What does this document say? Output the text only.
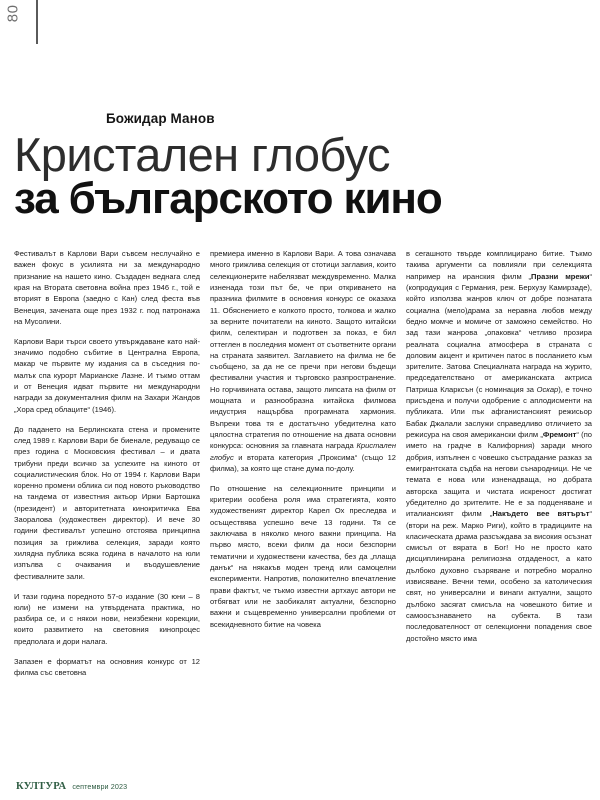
80
Божидар Манов
Кристален глобус
за българското кино

Фестивалът в Карлови Вари съвсем неслучайно е важен фокус в усилията ни за международно признание на нашето кино. Създаден веднага след края на Втората световна война през 1946 г., той е вторият в Европа (заедно с Кан) след феста във Венеция, зачената още през 1932 г. под патронажа на Мусолини.

Карлови Вари търси своето утвърждаване като най-значимо подобно събитие в Централна Европа, макар че първите му издания са в съседния по-малък спа курорт Марианске Лазне. И тъкмо оттам и от Венеция идват първите ни международни награди за документалния филм на Захари Жандов „Хора сред облаците“ (1946).

До падането на Берлинската стена и промените след 1989 г. Карлови Вари бе биенале, редуващо се през година с Московския фестивал – и двата трибуни преди всичко за успехите на киното от социалистическия блок. Но от 1994 г. Карлови Вари коренно промени облика си под новото ръководство на тандема от известния актьор Иржи Бартошка (президент) и авторитетната кинокритичка Ева Заоралова (художествен директор). И вече 30 години фестивалът успешно отстоява принципна позиция за грижлива селекция, заради която хилядна публика всяка година в началото на юли изпълва с очаквания и въодушевление фестивалните зали.

И тази година поредното 57-о издание (30 юни – 8 юли) не измени на утвърдената практика, но разбира се, и с някои нови, неизбежни корекции, които развитието на световния кинопроцес предполага и дори налага.

Запазен е форматът на основния конкурс от 12 филма със световна

премиера именно в Карлови Вари. А това означава много грижлива селекция от стотици заглавия, които селекционерите набелязват междувременно. Малка изненада този път бе, че при откриването на празника филмите в основния конкурс се оказаха 11. Обяснението е колкото просто, толкова и жалко за верните почитатели на киното. Защото китайски филм, селектиран и подготвен за показ, е бил оттеглен в последния момент от съответните органи на страната заявител. Заглавието на филма не бе съобщено, за да не се пречи при негови бъдещи фестивални участия и търговско разпространение. Но горчивината остава, защото липсата на филм от мощната и разнообразна китайска филмова индустрия нащърбва програмната хармония. Въпреки това тя е достатъчно убедителна като цялостна стратегия по отношение на двата основни конкурса: основния за главната награда Кристален глобус и втората категория „Проксима“ (също 12 филма), за която ще стане дума по-долу.

По отношение на селекционните принципи и критерии особена роля има стратегията, която художественият директор Карел Ох преследва и осъществява успешно вече 13 години. Тя се заключава в няколко много важни принципа. На първо място, всеки филм да носи безспорни тематични и художествени качества, без да „плаща данък“ на някакъв моден тренд или самоцелни експерименти. Напротив, положително впечатление прави фактът, че тъкмо известни артхаус автори не отбягват или не заобикалят актуални, безспорно важни и същевременно универсални проблеми от всекидневното битие на човека

в сегашното твърде комплицирано битие. Тъкмо такива аргументи са повлияли при селекцията например на иранския филм „Празни мрежи“ (копродукция с Германия, реж. Берхузу Камирзаде), който използва жанров ключ от добре познатата социална (мело)драма за неравна любов между бедно момче и момиче от заможно семейство. Но зад тази жанрова „опаковка“ четливо прозира реалната социална атмосфера в страната с доловим акцент и критичен патос в посланието към зрителите. Затова Специалната награда на журито, председателствано от американската актриса Патриша Кларксън (с номинация за Оскар), е точно присъдена и получи одобрение с аплодисменти на публиката. Или пък афганистанският режисьор Бабак Джалали заслужи справедливо отличието за режисура на своя американски филм „Фремонт“ (по името на градче в Калифорния) заради много добрия, изпълнен с човешко състрадание разказ за емигрантската съдба на негови сънародници. Не че темата е нова или изненадваща, но добрата авторска защита и чистата искреност достигат убедително до зрителите. Не е за подценяване и италианският филм „Накъдето вее вятърът“ (втори на реж. Марко Риги), който в традициите на класическата драма разсъждава за високия осъзнат смисъл от вярата в Бог! Но не просто като дисциплинирана религиозна отдаденост, а като дълбоко духовно съзряване и потребно морално извисяване. Вечни теми, особено за католическия свят, но универсални и винаги актуални, защото дълбоко засягат смисъла на човешкото битие и самоосъзнаването на субекта. В тази последователност от селекционни попадения свое достойно място има

КУЛТУРА септември 2023
